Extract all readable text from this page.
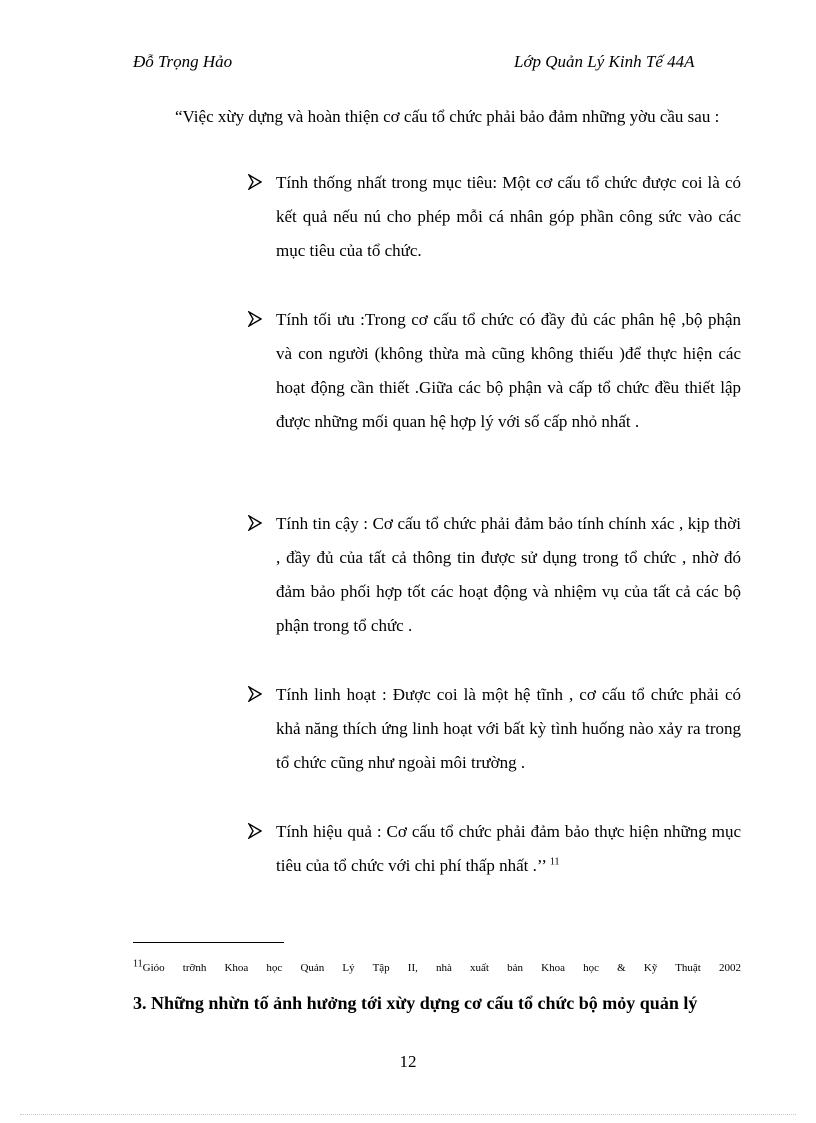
Đỗ Trọng Hảo	Lớp Quản Lý Kinh Tế 44A
“Việc xừy dựng và hoàn thiện cơ cấu tổ chức phải bảo đảm những yờu cầu sau :
Tính thống nhất trong mục tiêu: Một cơ cấu tổ chức được coi là có kết quả nếu nú cho phép mỗi cá nhân góp phần công sức vào các mục tiêu của tổ chức.
Tính tối ưu :Trong cơ cấu tổ chức có đầy đủ các phân hệ ,bộ phận và con người (không thừa mà cũng không thiếu )để thực hiện các hoạt động cần thiết .Giữa các bộ phận và cấp tổ chức đều thiết lập được những mối quan hệ hợp lý với số cấp nhỏ nhất .
Tính tin cậy : Cơ cấu tổ chức phải đảm bảo tính chính xác , kịp thời , đầy đủ của tất cả thông tin được sử dụng trong tổ chức , nhờ đó đảm bảo phối hợp tốt các hoạt động và nhiệm vụ của tất cả các bộ phận trong tổ chức .
Tính linh hoạt : Được coi là một hệ tĩnh , cơ cấu tổ chức phải có khả năng thích ứng linh hoạt với bất kỳ tình huống nào xảy ra trong tổ chức cũng như ngoài môi trường .
Tính hiệu quả : Cơ cấu tổ chức phải đảm bảo thực hiện những mục tiêu của tổ chức với chi phí thấp nhất .’’ $^{11}$
11Giỏo trỡnh Khoa học Quản Lý Tập II, nhà xuất bản Khoa học & Kỹ Thuật 2002
3. Những nhừn tố ảnh hưởng tới xừy dựng cơ cấu tổ chức bộ mỏy quản lý
12
